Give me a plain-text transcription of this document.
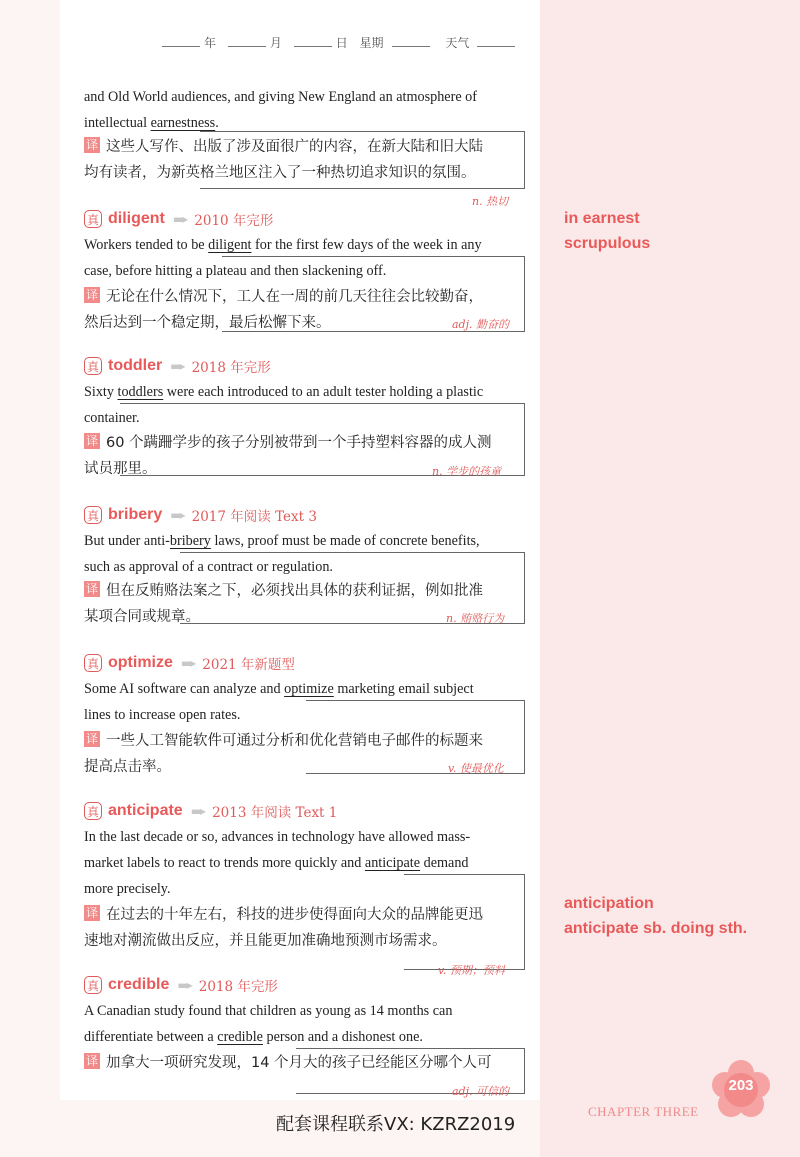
年	月	日 星期	天气
and Old World audiences, and giving New England an atmosphere of
intellectual earnestness.
译 这些人写作、出版了涉及面很广的内容，在新大陆和旧大陆
均有读者，为新英格兰地区注入了一种热切追求知识的氛围。
n. 热切
真 diligent ▬▸ 2010 年完形
Workers tended to be diligent for the first few days of the week in any
case, before hitting a plateau and then slackening off.
译 无论在什么情况下，工人在一周的前几天往往会比较勤奋，
然后达到一个稳定期，最后松懈下来。	adj. 勤奋的
真 toddler ▬▸ 2018 年完形
Sixty toddlers were each introduced to an adult tester holding a plastic
container.
译 60 个蹒跚学步的孩子分别被带到一个手持塑料容器的成人测
试员那里。	n. 学步的孩童
真 bribery ▬▸ 2017 年阅读 Text 3
But under anti-bribery laws, proof must be made of concrete benefits,
such as approval of a contract or regulation.
译 但在反贿赂法案之下，必须找出具体的获利证据，例如批准
某项合同或规章。	n. 贿赂行为
真 optimize ▬▸ 2021 年新题型
Some AI software can analyze and optimize marketing email subject
lines to increase open rates.
译 一些人工智能软件可通过分析和优化营销电子邮件的标题来
提高点击率。	v. 使最优化
真 anticipate ▬▸ 2013 年阅读 Text 1
In the last decade or so, advances in technology have allowed mass-
market labels to react to trends more quickly and anticipate demand
more precisely.
译 在过去的十年左右，科技的进步使得面向大众的品牌能更迅
速地对潮流做出反应，并且能更加准确地预测市场需求。
v. 预期；预料
真 credible ▬▸ 2018 年完形
A Canadian study found that children as young as 14 months can
differentiate between a credible person and a dishonest one.
译 加拿大一项研究发现，14 个月大的孩子已经能区分哪个人可
adj. 可信的
in earnest
scrupulous
anticipation
anticipate sb. doing sth.
配套课程联系VX: KZRZ2019
CHAPTER THREE
203
